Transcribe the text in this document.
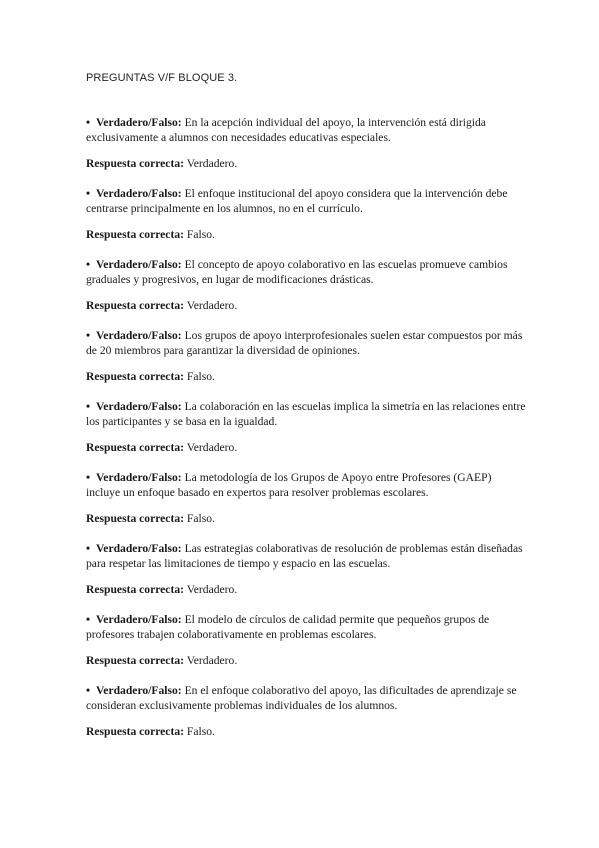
PREGUNTAS V/F BLOQUE 3.

• Verdadero/Falso: En la acepción individual del apoyo, la intervención está dirigida exclusivamente a alumnos con necesidades educativas especiales.

Respuesta correcta: Verdadero.

• Verdadero/Falso: El enfoque institucional del apoyo considera que la intervención debe centrarse principalmente en los alumnos, no en el currículo.

Respuesta correcta: Falso.

• Verdadero/Falso: El concepto de apoyo colaborativo en las escuelas promueve cambios graduales y progresivos, en lugar de modificaciones drásticas.

Respuesta correcta: Verdadero.

• Verdadero/Falso: Los grupos de apoyo interprofesionales suelen estar compuestos por más de 20 miembros para garantizar la diversidad de opiniones.

Respuesta correcta: Falso.

• Verdadero/Falso: La colaboración en las escuelas implica la simetría en las relaciones entre los participantes y se basa en la igualdad.

Respuesta correcta: Verdadero.

• Verdadero/Falso: La metodología de los Grupos de Apoyo entre Profesores (GAEP) incluye un enfoque basado en expertos para resolver problemas escolares.

Respuesta correcta: Falso.

• Verdadero/Falso: Las estrategias colaborativas de resolución de problemas están diseñadas para respetar las limitaciones de tiempo y espacio en las escuelas.

Respuesta correcta: Verdadero.

• Verdadero/Falso: El modelo de círculos de calidad permite que pequeños grupos de profesores trabajen colaborativamente en problemas escolares.

Respuesta correcta: Verdadero.

• Verdadero/Falso: En el enfoque colaborativo del apoyo, las dificultades de aprendizaje se consideran exclusivamente problemas individuales de los alumnos.

Respuesta correcta: Falso.
